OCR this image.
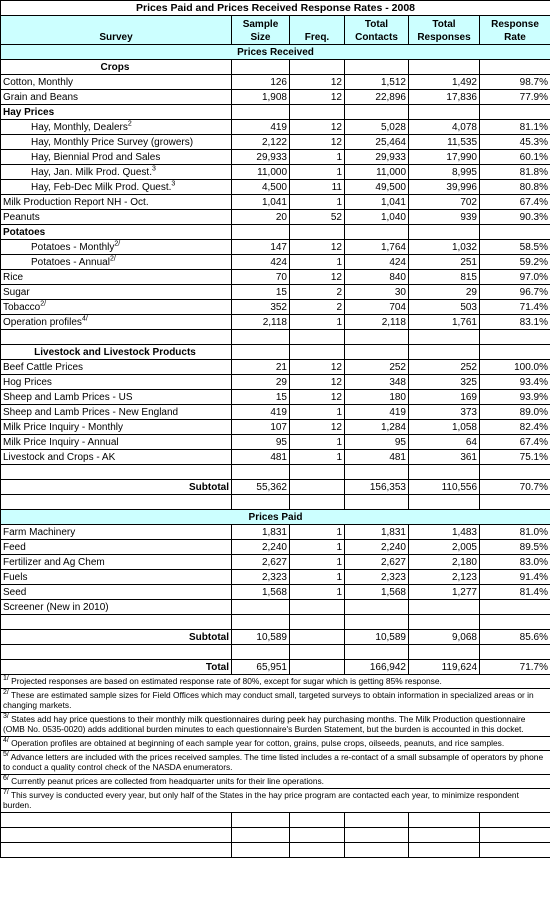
Prices Paid and Prices Received Response Rates - 2008					
Survey	Sample Size	Freq.	Total Contacts	Total Responses	Response Rate
Prices Received					
Crops					
Cotton, Monthly	126	12	1,512	1,492	98.7%
Grain and Beans	1,908	12	22,896	17,836	77.9%
Hay Prices					
Hay, Monthly, Dealers$^2$	419	12	5,028	4,078	81.1%
Hay, Monthly Price Survey (growers)	2,122	12	25,464	11,535	45.3%
Hay, Biennial Prod and Sales	29,933	1	29,933	17,990	60.1%
Hay, Jan. Milk Prod. Quest.$^3$	11,000	1	11,000	8,995	81.8%
Hay, Feb-Dec Milk Prod. Quest.$^3$	4,500	11	49,500	39,996	80.8%
Milk Production Report NH - Oct.	1,041	1	1,041	702	67.4%
Peanuts	20	52	1,040	939	90.3%
Potatoes					
Potatoes - Monthly$^{2/}$	147	12	1,764	1,032	58.5%
Potatoes - Annual$^{2/}$	424	1	424	251	59.2%
Rice	70	12	840	815	97.0%
Sugar	15	2	30	29	96.7%
Tobacco$^{2/}$	352	2	704	503	71.4%
Operation profiles$^{4/}$	2,118	1	2,118	1,761	83.1%

Livestock and Livestock Products					
Beef Cattle Prices	21	12	252	252	100.0%
Hog Prices	29	12	348	325	93.4%
Sheep and Lamb Prices - US	15	12	180	169	93.9%
Sheep and Lamb Prices - New England	419	1	419	373	89.0%
Milk Price Inquiry - Monthly	107	12	1,284	1,058	82.4%
Milk Price Inquiry - Annual	95	1	95	64	67.4%
Livestock and Crops - AK	481	1	481	361	75.1%

Subtotal	55,362		156,353	110,556	70.7%

Prices Paid					
Farm Machinery	1,831	1	1,831	1,483	81.0%
Feed	2,240	1	2,240	2,005	89.5%
Fertilizer and Ag Chem	2,627	1	2,627	2,180	83.0%
Fuels	2,323	1	2,323	2,123	91.4%
Seed	1,568	1	1,568	1,277	81.4%
Screener (New in 2010)					

Subtotal	10,589		10,589	9,068	85.6%

Total	65,951		166,942	119,624	71.7%
$^{1/}$ Projected responses are based on estimated response rate of 80%, except for sugar which is getting 85% response.					
$^{2/}$ These are estimated sample sizes for Field Offices which may conduct small, targeted surveys to obtain information in specialized areas or in changing markets.					
$^{3/}$ States add hay price questions to their monthly milk questionnaires during peek hay purchasing months. The Milk Production questionnaire (OMB No. 0535-0020) adds additional burden minutes to each questionnaire's Burden Statement, but the burden is accounted in this docket.					
$^{4/}$ Operation profiles are obtained at beginning of each sample year for cotton, grains, pulse crops, oilseeds, peanuts, and rice samples.					
$^{5/}$ Advance letters are included with the prices received samples. The time listed includes a re-contact of a small subsample of operators by phone to conduct a quality control check of the NASDA enumerators.					
$^{6/}$ Currently peanut prices are collected from headquarter units for their line operations.					
$^{7/}$ This survey is conducted every year, but only half of the States in the hay price program are contacted each year, to minimize respondent burden.					
